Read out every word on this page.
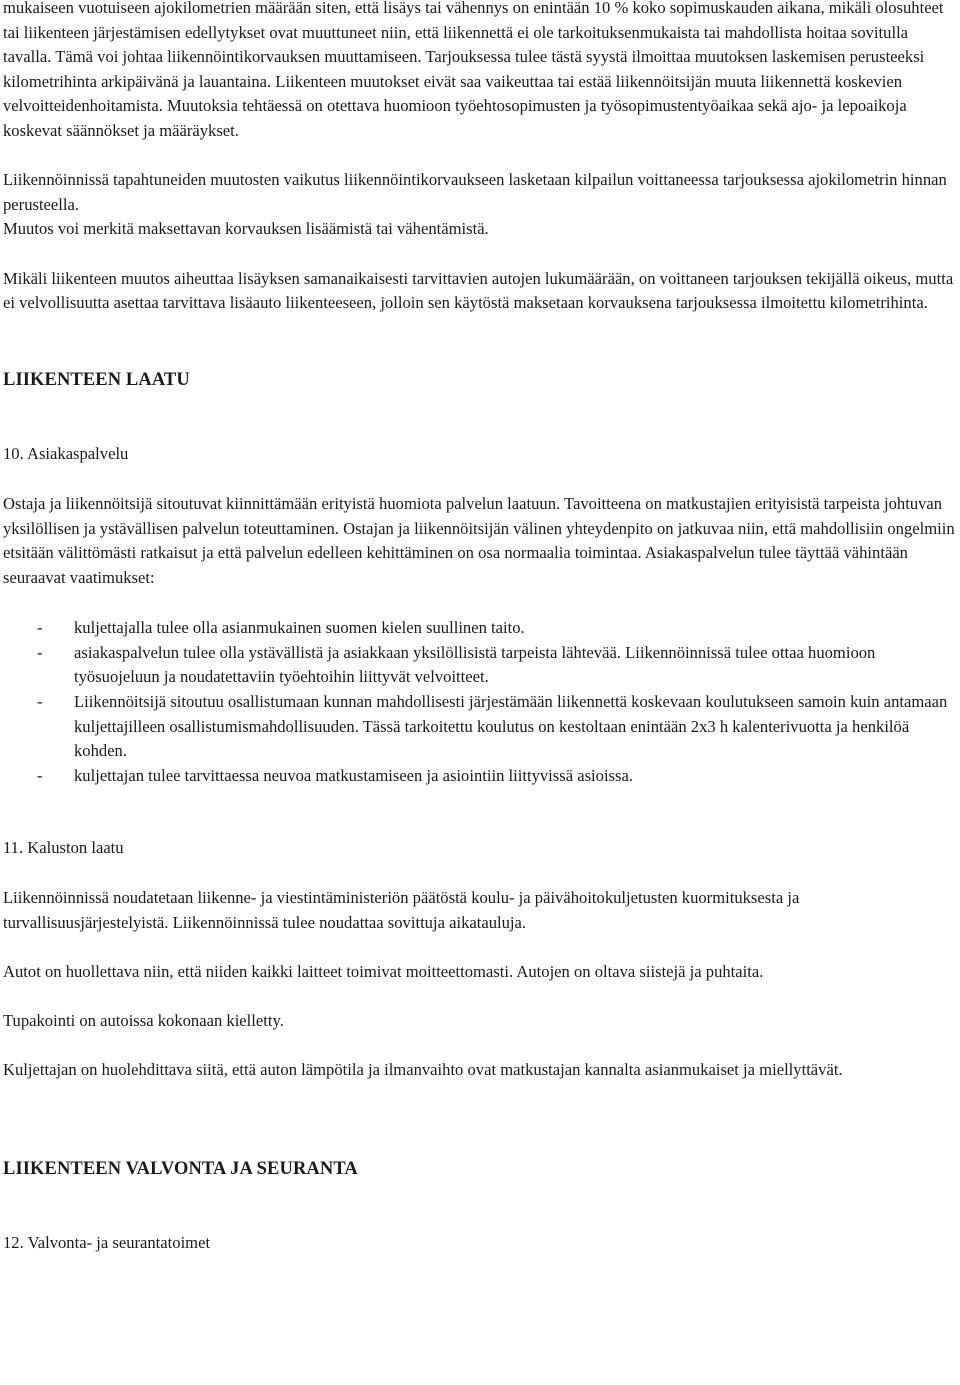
mukaiseen vuotuiseen ajokilometrien määrään siten, että lisäys tai vähennys on enintään 10 % koko sopimuskauden aikana, mikäli olosuhteet tai liikenteen järjestämisen edellytykset ovat muuttuneet niin, että liikennettä ei ole tarkoituksenmukaista tai mahdollista hoitaa sovitulla tavalla. Tämä voi johtaa liikennöintikorvauksen muuttamiseen. Tarjouksessa tulee tästä syystä ilmoittaa muutoksen laskemisen perusteeksi kilometrihinta arkipäivänä ja lauantaina. Liikenteen muutokset eivät saa vaikeuttaa tai estää liikennöitsijän muuta liikennettä koskevien velvoitteidenhoitamista. Muutoksia tehtäessä on otettava huomioon työehtosopimusten ja työsopimustentyöaikaa sekä ajo- ja lepoaikoja koskevat säännökset ja määräykset.

Liikennöinnissä tapahtuneiden muutosten vaikutus liikennöintikorvaukseen lasketaan kilpailun voittaneessa tarjouksessa ajokilometrin hinnan perusteella.

Muutos voi merkitä maksettavan korvauksen lisäämistä tai vähentämistä.

Mikäli liikenteen muutos aiheuttaa lisäyksen samanaikaisesti tarvittavien autojen lukumäärään, on voittaneen tarjouksen tekijällä oikeus, mutta ei velvollisuutta asettaa tarvittava lisäauto liikenteeseen, jolloin sen käytöstä maksetaan korvauksena tarjouksessa ilmoitettu kilometrihinta.

LIIKENTEEN LAATU

10. Asiakaspalvelu

Ostaja ja liikennöitsijä sitoutuvat kiinnittämään erityistä huomiota palvelun laatuun. Tavoitteena on matkustajien erityisistä tarpeista johtuvan yksilöllisen ja ystävällisen palvelun toteuttaminen. Ostajan ja liikennöitsijän välinen yhteydenpito on jatkuvaa niin, että mahdollisiin ongelmiin etsitään välittömästi ratkaisut ja että palvelun edelleen kehittäminen on osa normaalia toimintaa. Asiakaspalvelun tulee täyttää vähintään seuraavat vaatimukset:

- kuljettajalla tulee olla asianmukainen suomen kielen suullinen taito.
- asiakaspalvelun tulee olla ystävällistä ja asiakkaan yksilöllisistä tarpeista lähtevää. Liikennöinnissä tulee ottaa huomioon työsuojeluun ja noudatettaviin työehtoihin liittyvät velvoitteet.
- Liikennöitsijä sitoutuu osallistumaan kunnan mahdollisesti järjestämään liikennettä koskevaan koulutukseen samoin kuin antamaan kuljettajilleen osallistumismahdollisuuden. Tässä tarkoitettu koulutus on kestoltaan enintään 2x3 h kalenterivuotta ja henkilöä kohden.
- kuljettajan tulee tarvittaessa neuvoa matkustamiseen ja asiointiin liittyvissä asioissa.

11. Kaluston laatu

Liikennöinnissä noudatetaan liikenne- ja viestintäministeriön päätöstä koulu- ja päivähoitokuljetusten kuormituksesta ja turvallisuusjärjestelyistä. Liikennöinnissä tulee noudattaa sovittuja aikatauluja.

Autot on huollettava niin, että niiden kaikki laitteet toimivat moitteettomasti. Autojen on oltava siistejä ja puhtaita.

Tupakointi on autoissa kokonaan kielletty.

Kuljettajan on huolehdittava siitä, että auton lämpötila ja ilmanvaihto ovat matkustajan kannalta asianmukaiset ja miellyttävät.

LIIKENTEEN VALVONTA JA SEURANTA

12. Valvonta- ja seurantatoimet
